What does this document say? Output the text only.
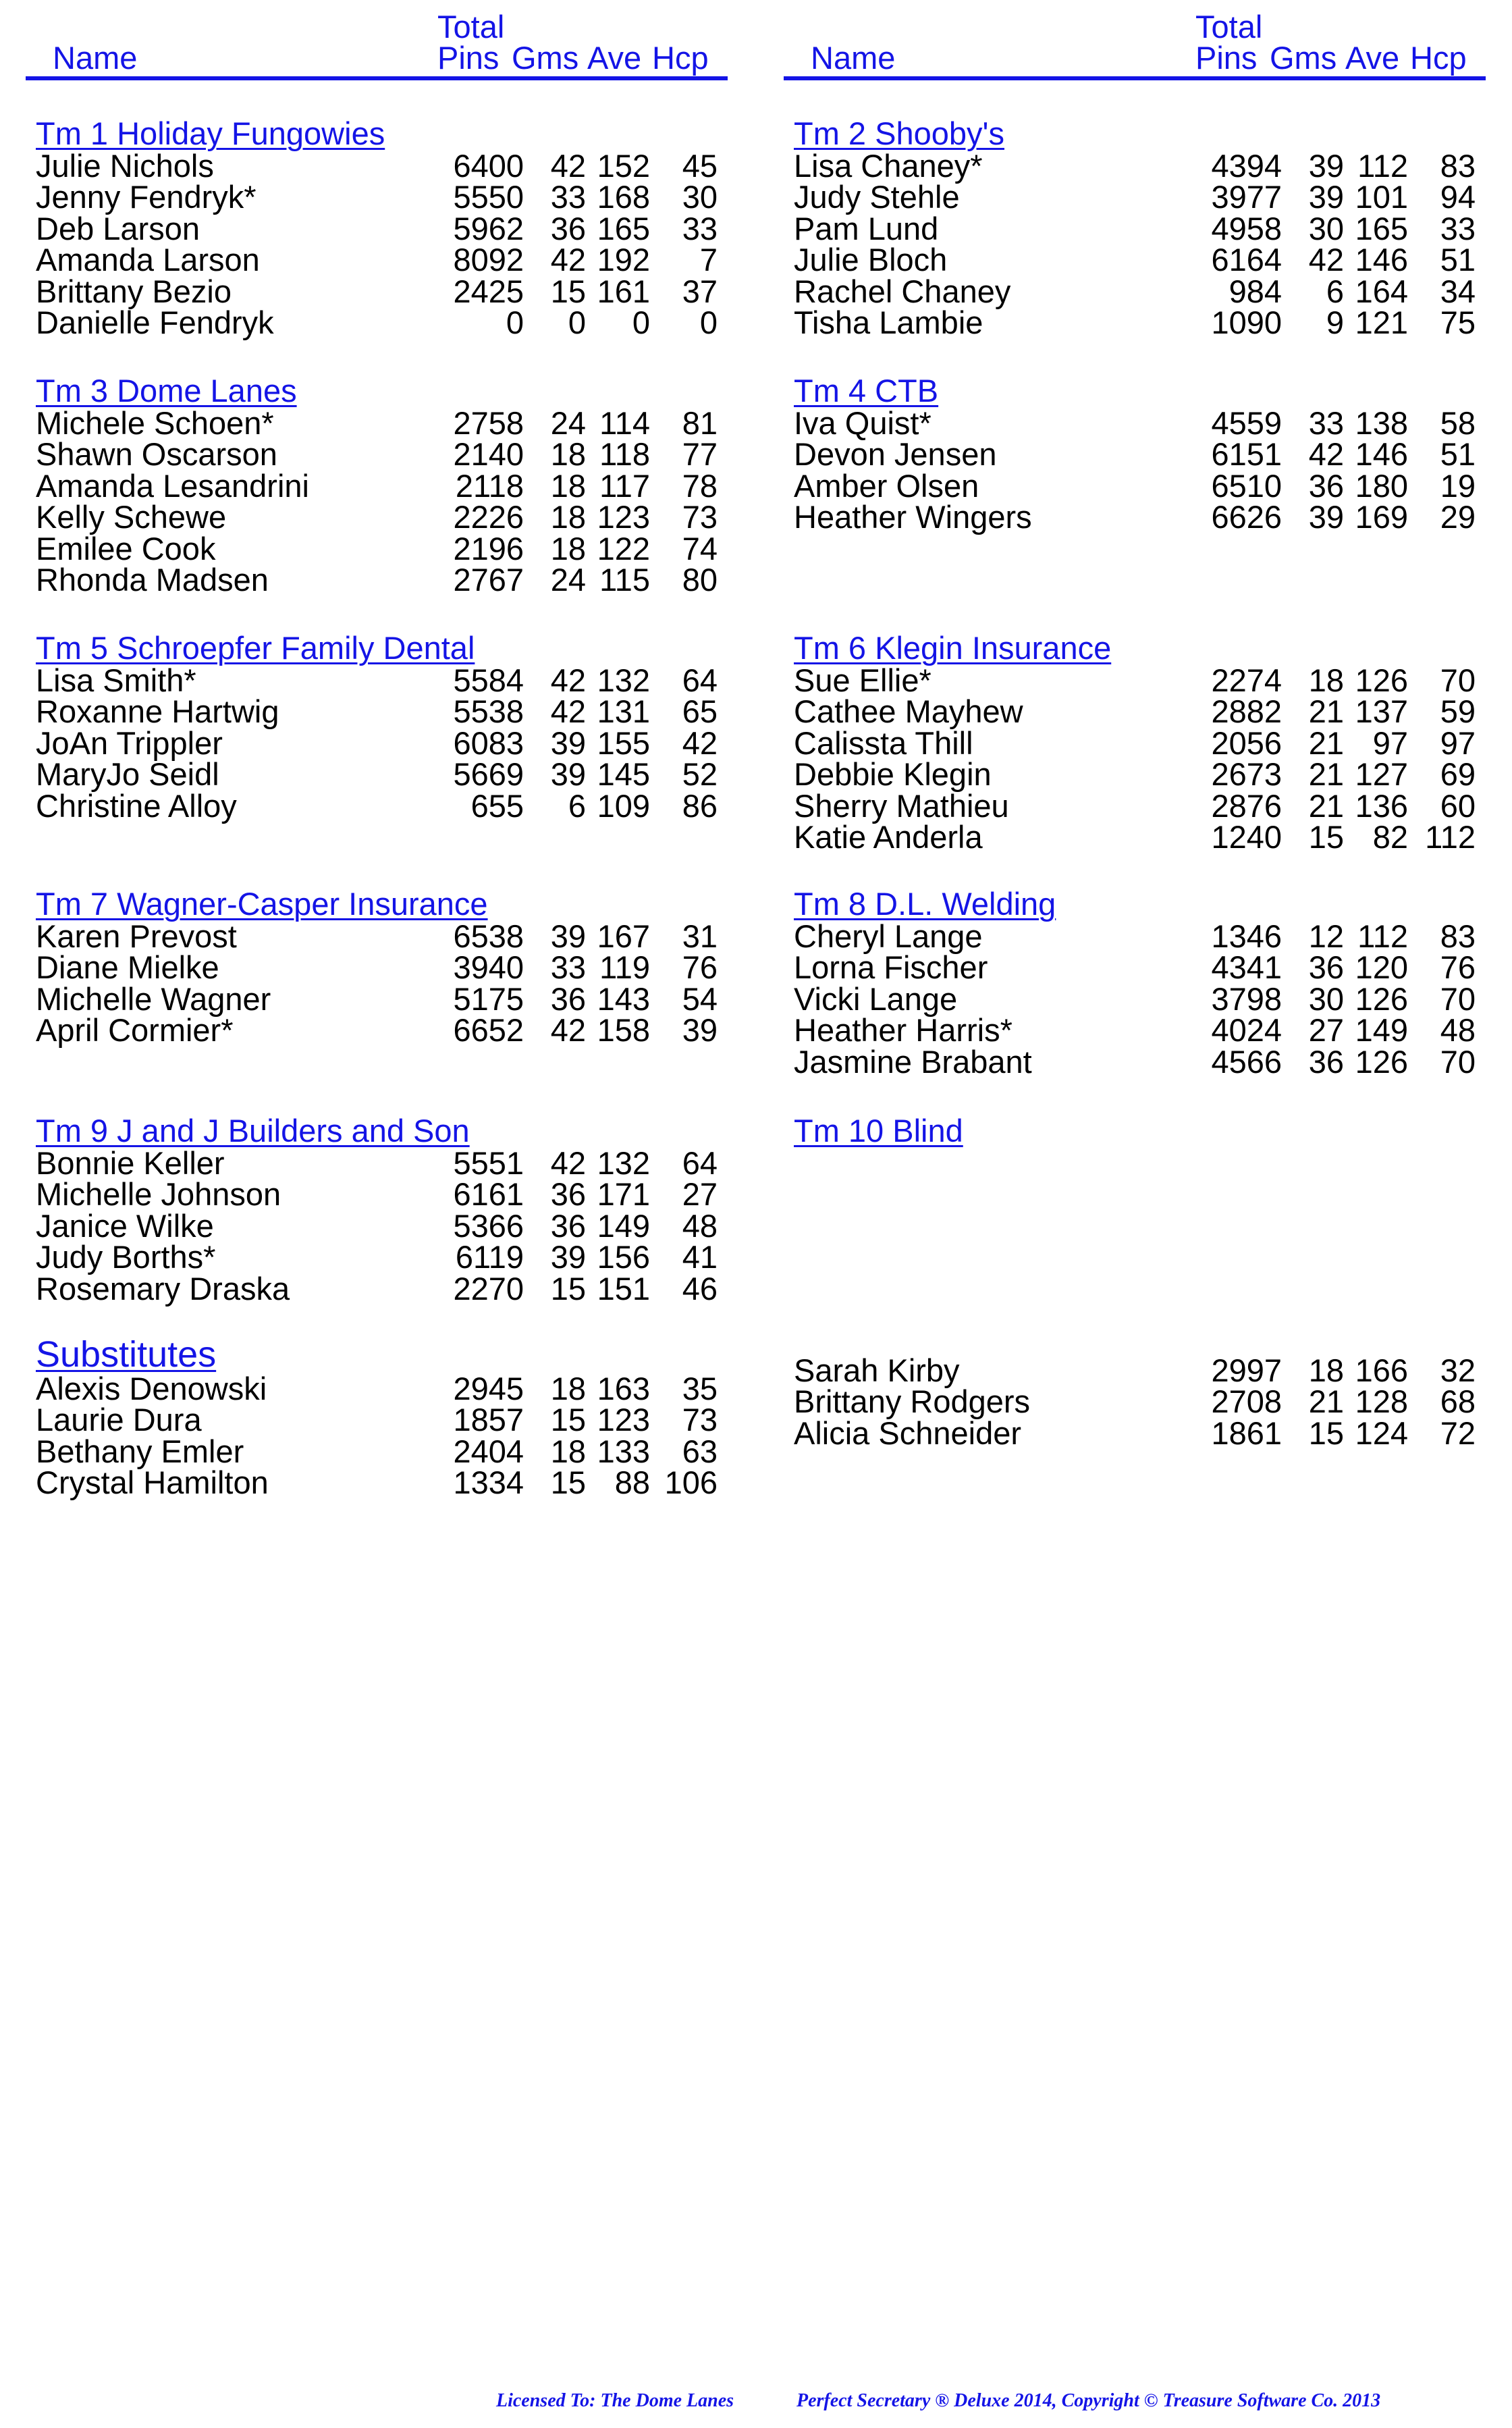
Name
Total
Pins Gms Ave Hcp
Tm 1 Holiday Fungowies
Julie Nichols	6400 42 152 45
Jenny Fendryk*	5550 33 168 30
Deb Larson	5962 36 165 33
Amanda Larson	8092 42 192 7
Brittany Bezio	2425 15 161 37
Danielle Fendryk	0 0 0 0
Tm 3 Dome Lanes
Michele Schoen*	2758 24 114 81
Shawn Oscarson	2140 18 118 77
Amanda Lesandrini	2118 18 117 78
Kelly Schewe	2226 18 123 73
Emilee Cook	2196 18 122 74
Rhonda Madsen	2767 24 115 80
Tm 5 Schroepfer Family Dental
Lisa Smith*	5584 42 132 64
Roxanne Hartwig	5538 42 131 65
JoAn Trippler	6083 39 155 42
MaryJo Seidl	5669 39 145 52
Christine Alloy	655 6 109 86
Tm 7 Wagner-Casper Insurance
Karen Prevost	6538 39 167 31
Diane Mielke	3940 33 119 76
Michelle Wagner	5175 36 143 54
April Cormier*	6652 42 158 39
Tm 9 J and J Builders and Son
Bonnie Keller	5551 42 132 64
Michelle Johnson	6161 36 171 27
Janice Wilke	5366 36 149 48
Judy Borths*	6119 39 156 41
Rosemary Draska	2270 15 151 46
Substitutes
Alexis Denowski	2945 18 163 35
Laurie Dura	1857 15 123 73
Bethany Emler	2404 18 133 63
Crystal Hamilton	1334 15 88 106
Name
Total
Pins Gms Ave Hcp
Tm 2 Shooby's
Lisa Chaney*	4394 39 112 83
Judy Stehle	3977 39 101 94
Pam Lund	4958 30 165 33
Julie Bloch	6164 42 146 51
Rachel Chaney	984 6 164 34
Tisha Lambie	1090 9 121 75
Tm 4 CTB
Iva Quist*	4559 33 138 58
Devon Jensen	6151 42 146 51
Amber Olsen	6510 36 180 19
Heather Wingers	6626 39 169 29
Tm 6 Klegin Insurance
Sue Ellie*	2274 18 126 70
Cathee Mayhew	2882 21 137 59
Calissta Thill	2056 21 97 97
Debbie Klegin	2673 21 127 69
Sherry Mathieu	2876 21 136 60
Katie Anderla	1240 15 82 112
Tm 8 D.L. Welding
Cheryl Lange	1346 12 112 83
Lorna Fischer	4341 36 120 76
Vicki Lange	3798 30 126 70
Heather Harris*	4024 27 149 48
Jasmine Brabant	4566 36 126 70
Tm 10 Blind
Sarah Kirby	2997 18 166 32
Brittany Rodgers	2708 21 128 68
Alicia Schneider	1861 15 124 72
Licensed To: The Dome Lanes	Perfect Secretary ® Deluxe 2014, Copyright © Treasure Software Co. 2013
